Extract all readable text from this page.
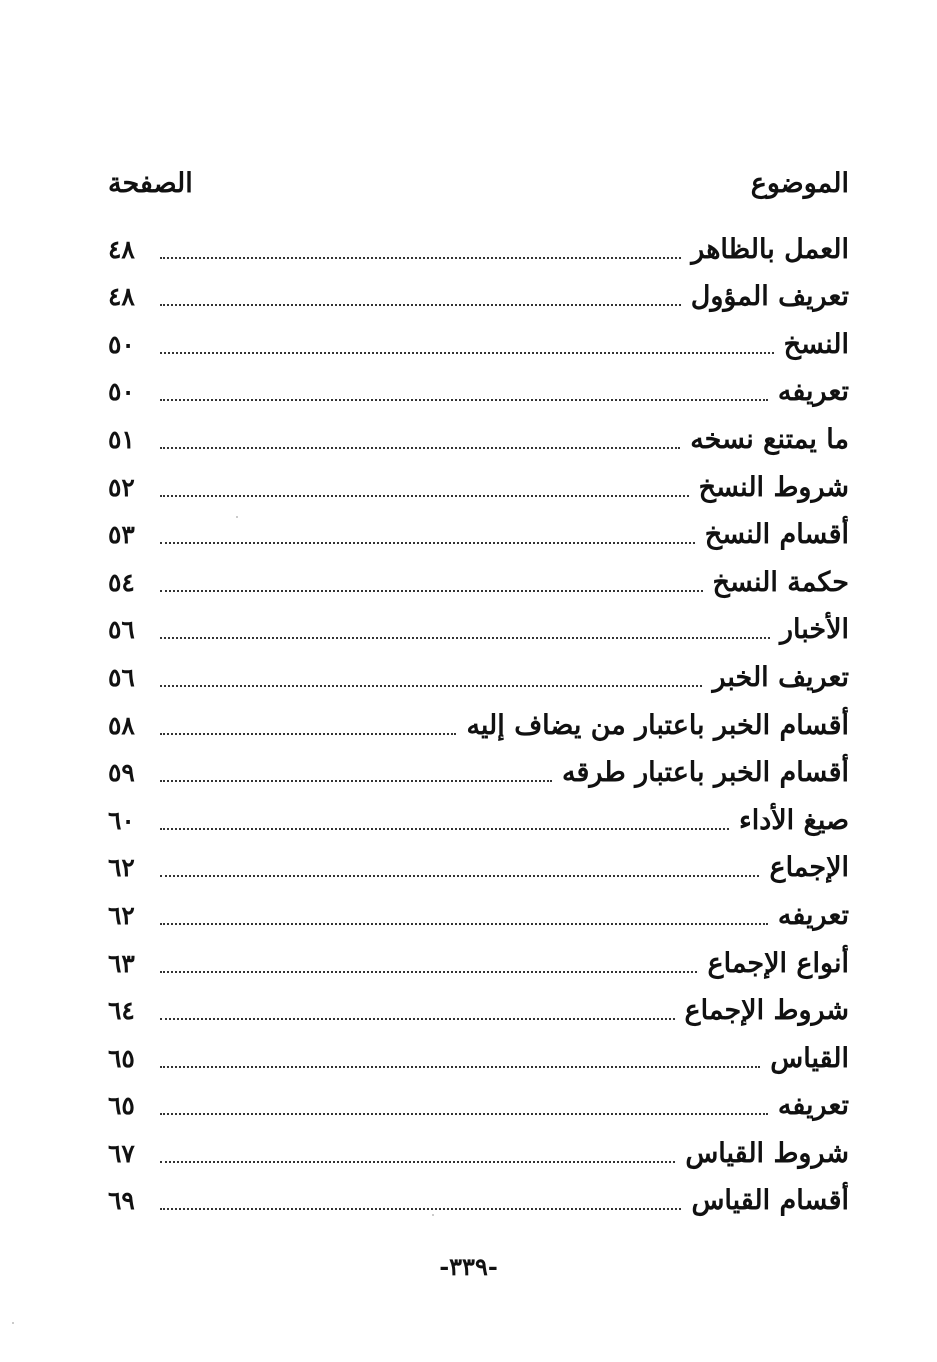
الموضوع
الصفحة
العمل بالظاهر
٤٨
تعريف المؤول
٤٨
النسخ
٥٠
تعريفه
٥٠
ما يمتنع نسخه
٥١
شروط النسخ
٥٢
أقسام النسخ
٥٣
حكمة النسخ
٥٤
الأخبار
٥٦
تعريف الخبر
٥٦
أقسام الخبر باعتبار من يضاف إليه
٥٨
أقسام الخبر باعتبار طرقه
٥٩
صيغ الأداء
٦٠
الإجماع
٦٢
تعريفه
٦٢
أنواع الإجماع
٦٣
شروط الإجماع
٦٤
القياس
٦٥
تعريفه
٦٥
شروط القياس
٦٧
أقسام القياس
٦٩
-٣٣٩-
